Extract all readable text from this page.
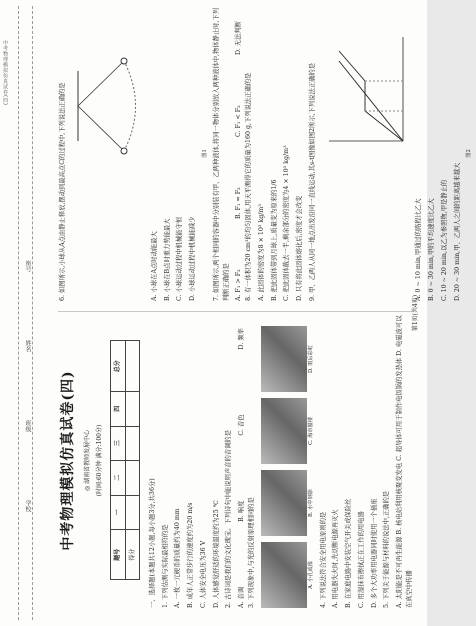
中考物理模拟仿真试卷(四)
学校
班级
姓名
座号

中考物理模拟仿真试卷(四)	◎ 湖南省教师发展中心 (时间:60分钟 满分:100分)

题号	一	二	三	四	总分
得分					一、选择题(本题共12小题,每小题3分,共36分) 1. 下列估测与实际最相符的是 A. 一枚一元硬币的质量约为40 mm B. 成年人正常步行的速度约为20 m/s C. 人体安全电压为36 V D. 人体感觉舒适的环境温度约为25 ℃ 2. 古诗词是我们的文化瑰宝。下列诗句中能说明声音的音调的是 A. 音调
B. 响度
C. 音色
D. 频率

3. 下列现象中,与光的反射原理相同的是	A. 小孔成像
B. 水中倒影
C. 海市蜃楼
D. 雨后彩虹

4. 下列说法符合安全用电原则的是 A. 用电器失火时,先切断电源再灭火 B. 在家庭电路中安装空气开关或保险丝 C. 用湿抹布擦拭正在工作的用电器 D. 多个大功率用电器同时使用一个插座 5. 下列关于能源与材料的说法中,正确的是 A. 太阳能是不可再生能源 B. 核电站利用核聚变发电 C. 超导体可用于制作电饭锅的发热体 D. 电磁波可以在真空中传播

6. 如图所示,小球从A点由静止释放,摆动到最高点C的过程中,下列说法正确的是	A. 小球在A点时动能最大 B. 小球在B点时重力势能最大 C. 小球运动过程中机械能守恒 D. 小球运动过程中机械能减少

图1 7. 如图所示,两个相同的容器中分别装有甲、乙两种液体,将同一物体分别放入两种液体中,物体静止时,下列判断正确的是 A. F₁ > F₂
B. F₁ = F₂
C. F₁ < F₂
D. 无法判断

8. 有一体积为20 cm³的均匀固体,用天平测得它的质量为160 g,下列说法正确的是 A. 此固体的密度为8 × 10³ kg/m³ B. 把此固体带到月球上,质量变为原来的1/6 C. 把此固体截去一半,剩余部分的密度为4 × 10³ kg/m³ D. 只有将此固体熔化后,密度才会改变 9. 甲、乙两人从同一地点出发沿同一直线运动,其s-t图像如图2所示,下列说法正确的是	A. 0 ~ 10 min,甲通过的路程比乙大 B. 0 ~ 30 min,甲的平均速度比乙大 C. 10 ~ 20 min,以乙为参照物,甲是静止的 D. 20 ~ 30 min,甲、乙两人之间的距离越来越大

图2

第1页(共4页)
